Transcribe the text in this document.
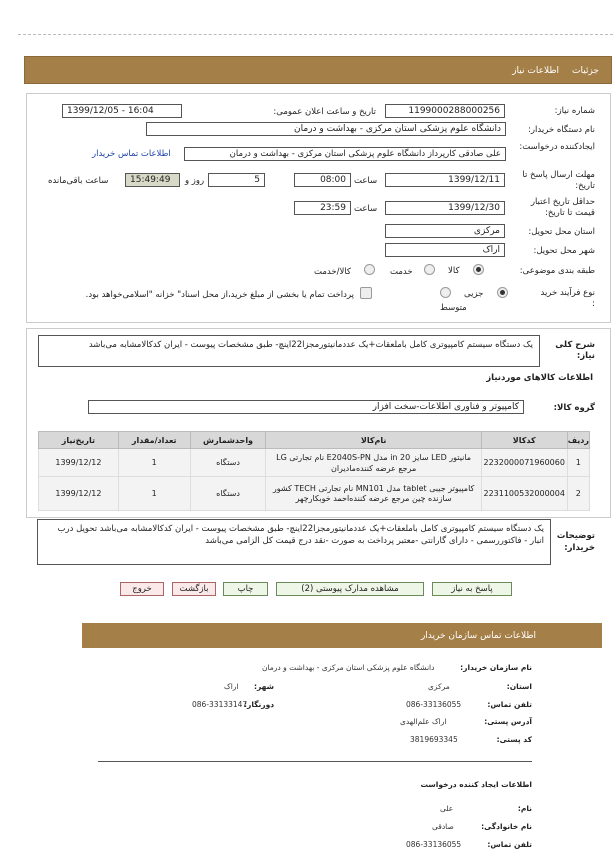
جزئیات
اطلاعات نیاز
شماره نیاز:
1199000288000256
تاریخ و ساعت اعلان عمومی:
1399/12/05 - 16:04
نام دستگاه خریدار:
دانشگاه علوم پزشکی استان مرکزی - بهداشت و درمان
ایجادکننده درخواست:
علی صادقی کارپرداز دانشگاه علوم پزشکی استان مرکزی - بهداشت و درمان
اطلاعات تماس خریدار
مهلت ارسال پاسخ تا تاریخ:
1399/12/11
ساعت
08:00
5
روز و
15:49:49
ساعت باقی‌مانده
حداقل تاریخ اعتبار قیمت تا تاریخ:
1399/12/30
ساعت
23:59
استان محل تحویل:
مرکزی
شهر محل تحویل:
اراک
طبقه بندی موضوعی:
کالا
خدمت
کالا/خدمت
نوع فرآیند خرید :
جزیی
متوسط
پرداخت تمام یا بخشی از مبلغ خرید،از محل اسناد" خزانه "اسلامی‌خواهد بود.
شرح کلی نیاز:
یک دستگاه سیستم کامپیوتری کامل باملعقات+یک عددمانیتورمجزا22اینچ- طبق مشخصات پیوست - ایران کدکالامشابه می‌باشد
اطلاعات کالاهای مورد‌نیاز
گروه کالا:
کامپیوتر و فناوری اطلاعات-سخت افزار
تاریخ‌نیاز	تعداد/مقدار	واحدشمارش	نام‌کالا	کدکالا	ردیف
1399/12/12	1	دستگاه	مانیتور LED سایز 20 in مدل E2040S-PN نام تجارتی LG مرجع عرضه کننده‌مادیران	2232000071960060	1
1399/12/12	1	دستگاه	کامپیوتر جیبی tablet مدل MN101 نام تجارتی TECH کشور سازنده چین مرجع عرضه کننده‌احمد خوبکارچهر	2231100532000004	2
توضیحات خریدار:
یک دستگاه سیستم کامپیوتری کامل باملعقات+یک عددمانیتورمجزا22اینچ- طبق مشخصات پیوست - ایران کدکالامشابه می‌باشد تحویل درب انبار - فاکتوررسمی - دارای گارانتی -معتبر پرداخت به صورت -نقد درج قیمت کل الزامی می‌باشد
پاسخ به نیاز
مشاهده مدارک پیوستی (2)
چاپ
بازگشت
خروج
اطلاعات تماس سازمان خریدار
نام سازمان خریدار:
دانشگاه علوم پزشکی استان مرکزی - بهداشت و درمان
استان:
مرکزی
شهر:
اراک
تلفن تماس:
086-33136055
دورنگار:
086-33133147
آدرس پستی:
اراک علم‌الهدی
کد پستی:
3819693345
اطلاعات ایجاد کننده درخواست
نام:
علی
نام خانوادگی:
صادقی
تلفن تماس:
086-33136055
